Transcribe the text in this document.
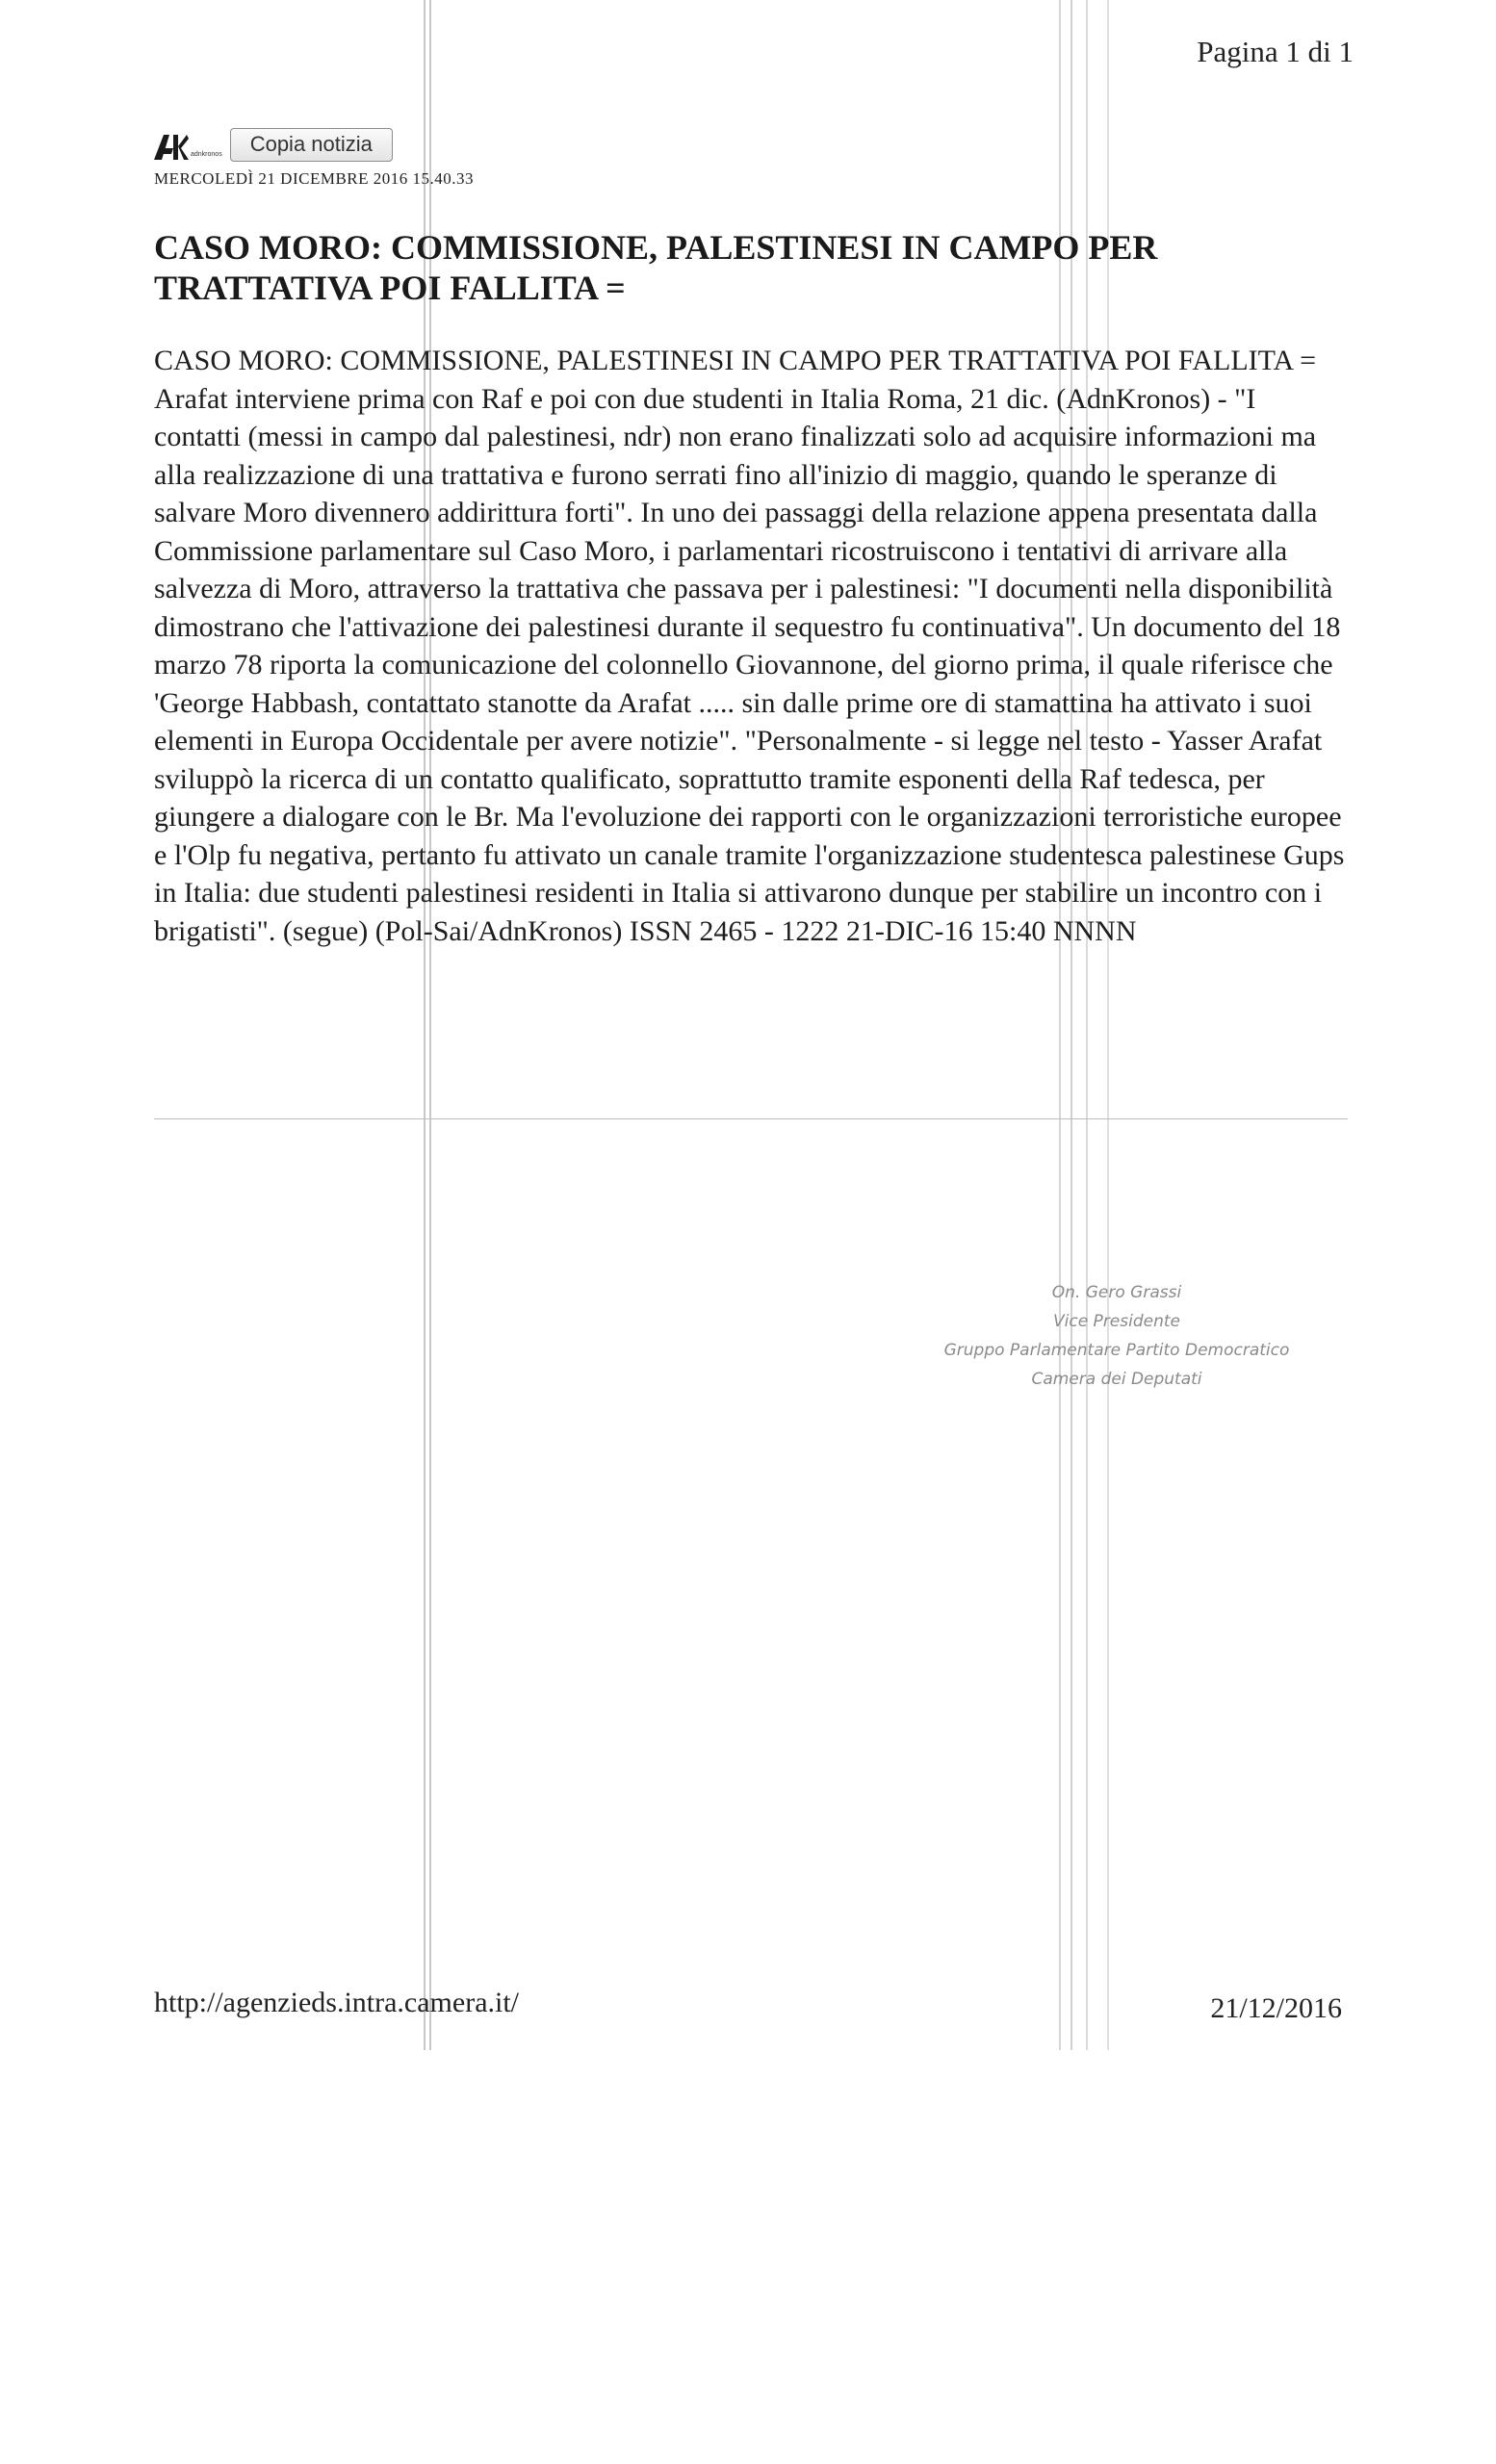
Pagina 1 di 1
adnkronos	Copia notizia
MERCOLEDÌ 21 DICEMBRE 2016 15.40.33
CASO MORO: COMMISSIONE, PALESTINESI IN CAMPO PER TRATTATIVA POI FALLITA =

CASO MORO: COMMISSIONE, PALESTINESI IN CAMPO PER TRATTATIVA POI FALLITA = Arafat interviene prima con Raf e poi con due studenti in Italia Roma, 21 dic. (AdnKronos) - "I contatti (messi in campo dal palestinesi, ndr) non erano finalizzati solo ad acquisire informazioni ma alla realizzazione di una trattativa e furono serrati fino all'inizio di maggio, quando le speranze di salvare Moro divennero addirittura forti". In uno dei passaggi della relazione appena presentata dalla Commissione parlamentare sul Caso Moro, i parlamentari ricostruiscono i tentativi di arrivare alla salvezza di Moro, attraverso la trattativa che passava per i palestinesi: "I documenti nella disponibilità dimostrano che l'attivazione dei palestinesi durante il sequestro fu continuativa". Un documento del 18 marzo 78 riporta la comunicazione del colonnello Giovannone, del giorno prima, il quale riferisce che 'George Habbash, contattato stanotte da Arafat ..... sin dalle prime ore di stamattina ha attivato i suoi elementi in Europa Occidentale per avere notizie". "Personalmente - si legge nel testo - Yasser Arafat sviluppò la ricerca di un contatto qualificato, soprattutto tramite esponenti della Raf tedesca, per giungere a dialogare con le Br. Ma l'evoluzione dei rapporti con le organizzazioni terroristiche europee e l'Olp fu negativa, pertanto fu attivato un canale tramite l'organizzazione studentesca palestinese Gups in Italia: due studenti palestinesi residenti in Italia si attivarono dunque per stabilire un incontro con i brigatisti". (segue) (Pol-Sai/AdnKronos) ISSN 2465 - 1222 21-DIC-16 15:40 NNNN

On. Gero Grassi
Vice Presidente
Gruppo Parlamentare Partito Democratico
Camera dei Deputati
http://agenzieds.intra.camera.it/	21/12/2016
